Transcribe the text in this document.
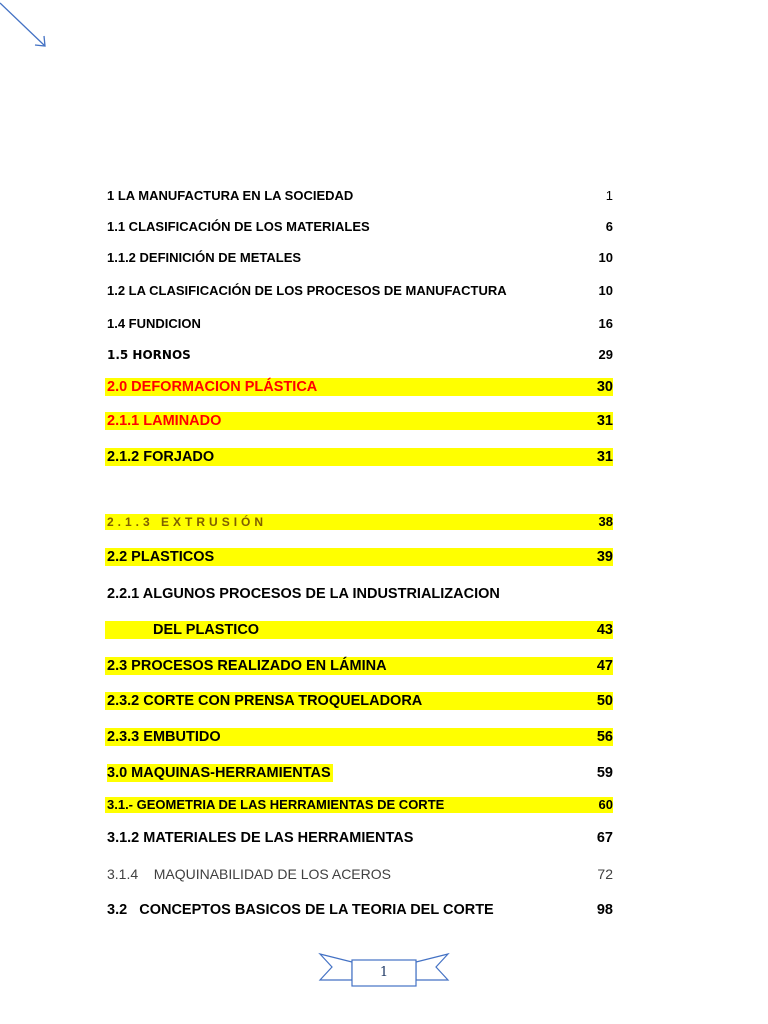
1 LA MANUFACTURA EN LA SOCIEDAD	1
1.1 CLASIFICACIÓN DE LOS MATERIALES	6
1.1.2 DEFINICIÓN DE METALES	10
1.2 LA CLASIFICACIÓN DE LOS PROCESOS DE MANUFACTURA	10
1.4 FUNDICION	16
1.5 HORNOS	29
2.0 DEFORMACION PLÁSTICA	30
2.1.1 LAMINADO	31
2.1.2 FORJADO	31
2.1.3 EXTRUSIÓN	38
2.2 PLASTICOS	39
2.2.1 ALGUNOS PROCESOS DE LA INDUSTRIALIZACION
DEL PLASTICO	43
2.3 PROCESOS REALIZADO EN LÁMINA	47
2.3.2 CORTE CON PRENSA TROQUELADORA	50
2.3.3 EMBUTIDO	56
3.0 MAQUINAS-HERRAMIENTAS	59
3.1.- GEOMETRIA DE LAS HERRAMIENTAS DE CORTE	60
3.1.2 MATERIALES DE LAS HERRAMIENTAS	67
3.1.4    MAQUINABILIDAD DE LOS ACEROS	72
3.2   CONCEPTOS BASICOS DE LA TEORIA DEL CORTE	98
1
